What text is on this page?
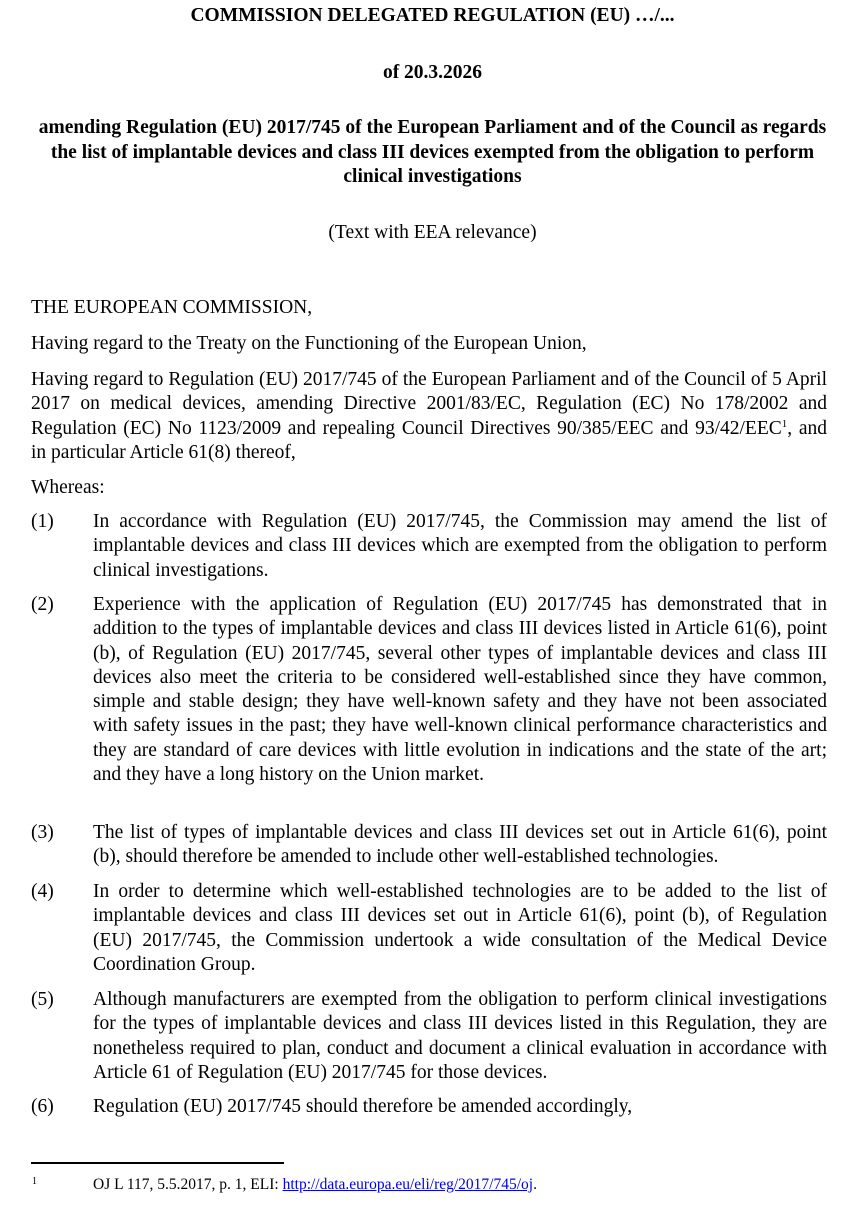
COMMISSION DELEGATED REGULATION (EU) …/...
of 20.3.2026
amending Regulation (EU) 2017/745 of the European Parliament and of the Council as regards the list of implantable devices and class III devices exempted from the obligation to perform clinical investigations
(Text with EEA relevance)
THE EUROPEAN COMMISSION,
Having regard to the Treaty on the Functioning of the European Union,
Having regard to Regulation (EU) 2017/745 of the European Parliament and of the Council of 5 April 2017 on medical devices, amending Directive 2001/83/EC, Regulation (EC) No 178/2002 and Regulation (EC) No 1123/2009 and repealing Council Directives 90/385/EEC and 93/42/EEC$^1$, and in particular Article 61(8) thereof,
Whereas:
(1) In accordance with Regulation (EU) 2017/745, the Commission may amend the list of implantable devices and class III devices which are exempted from the obligation to perform clinical investigations.
(2) Experience with the application of Regulation (EU) 2017/745 has demonstrated that in addition to the types of implantable devices and class III devices listed in Article 61(6), point (b), of Regulation (EU) 2017/745, several other types of implantable devices and class III devices also meet the criteria to be considered well-established since they have common, simple and stable design; they have well-known safety and they have not been associated with safety issues in the past; they have well-known clinical performance characteristics and they are standard of care devices with little evolution in indications and the state of the art; and they have a long history on the Union market.
(3) The list of types of implantable devices and class III devices set out in Article 61(6), point (b), should therefore be amended to include other well-established technologies.
(4) In order to determine which well-established technologies are to be added to the list of implantable devices and class III devices set out in Article 61(6), point (b), of Regulation (EU) 2017/745, the Commission undertook a wide consultation of the Medical Device Coordination Group.
(5) Although manufacturers are exempted from the obligation to perform clinical investigations for the types of implantable devices and class III devices listed in this Regulation, they are nonetheless required to plan, conduct and document a clinical evaluation in accordance with Article 61 of Regulation (EU) 2017/745 for those devices.
(6) Regulation (EU) 2017/745 should therefore be amended accordingly,
1	OJ L 117, 5.5.2017, p. 1, ELI: http://data.europa.eu/eli/reg/2017/745/oj.
